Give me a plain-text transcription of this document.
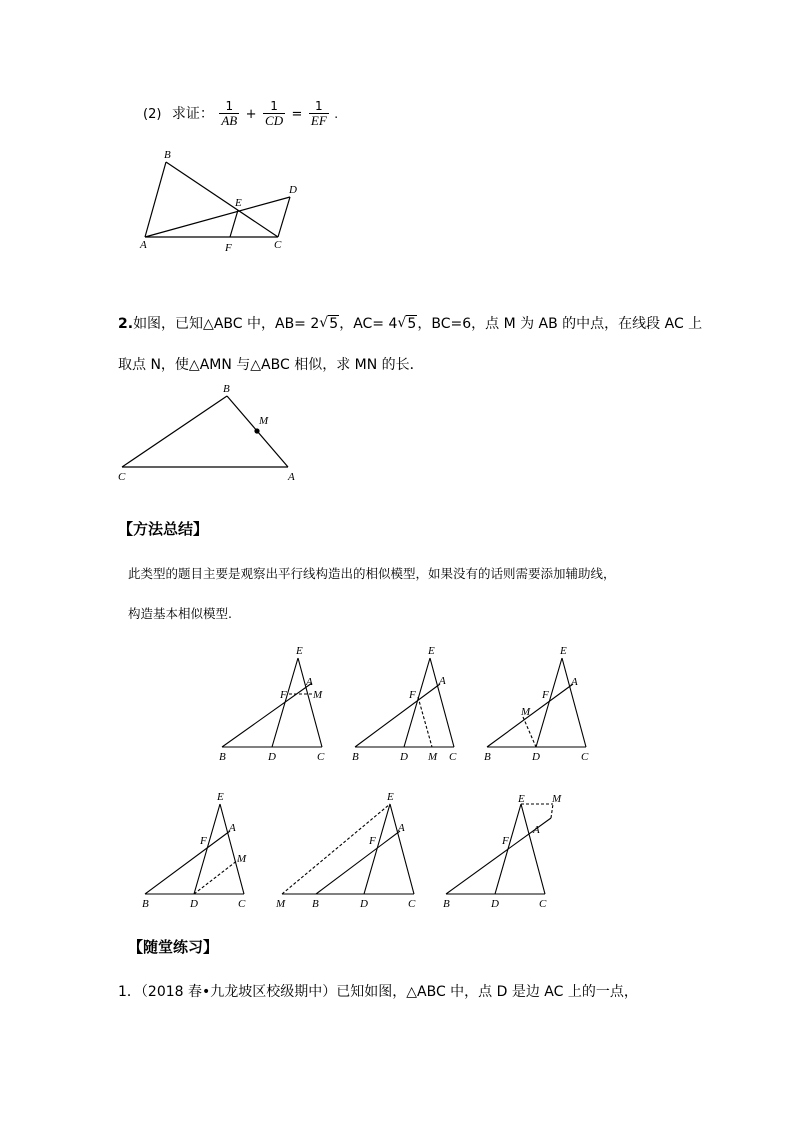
(2) 求证： $\frac{1}{AB} + \frac{1}{CD} = \frac{1}{EF}$ .
B
D
E
A	F	C
2.如图，已知△ABC 中，AB= 2 √ 5，AC= 4 √ 5，BC=6，点 M 为 AB 的中点，在线段 AC 上
取点 N，使△AMN 与△ABC 相似，求 MN 的长．
B
M
C	A
【方法总结】
此类型的题目主要是观察出平行线构造出的相似模型，如果没有的话则需要添加辅助线，
构造基本相似模型.
E
A
F M
B	D	C
E
A
F
B	D M C
E
A
F
M
B	D	C
E
A
F
M
B	D	C
E
A
F
M B	D	C
E M
A
F
B	D	C
【随堂练习】
1．（2018 春•九龙坡区校级期中）已知如图，△ABC 中，点 D 是边 AC 上的一点，
